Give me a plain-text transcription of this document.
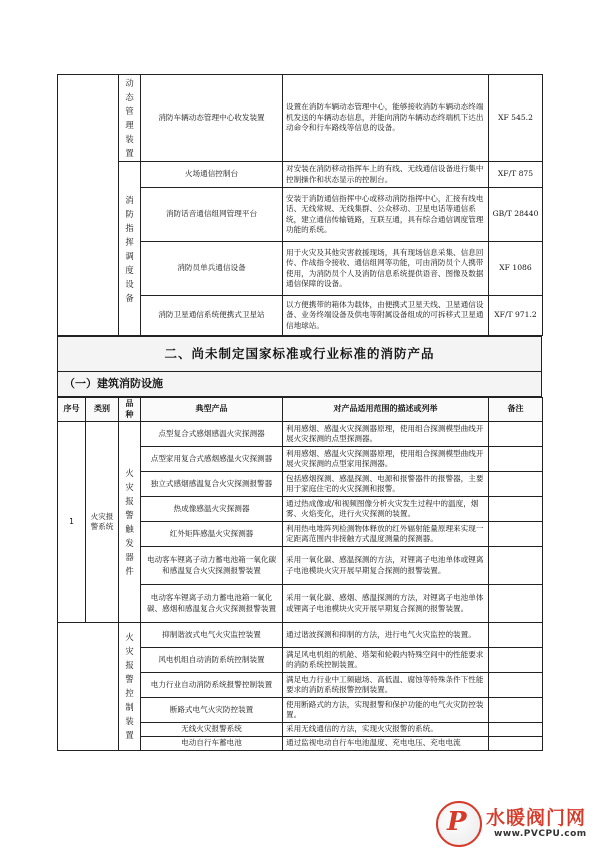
	动态管理装置	消防车辆动态管理中心收发装置	设置在消防车辆动态管理中心，能够接收消防车辆动态终端机发送的车辆动态信息，并能向消防车辆动态终端机下达出动命令和行车路线等信息的设备。	XF 545.2
	消防指挥调度设备	火场通信控制台	对安装在消防移动指挥车上的有线、无线通信设备进行集中控制操作和状态显示的控制台。	XF/T 875
		消防话音通信组网管理平台	安装于消防通信指挥中心或移动消防指挥中心，汇接有线电话、无线常规、无线集群、公众移动、卫星电话等通信系统，建立通信传输链路，互联互通，具有综合通信调度管理功能的系统。	GB/T 28440
		消防员单兵通信设备	用于火灾及其他灾害救援现场，具有现场信息采集、信息回传、作战指令接收、通信组网等功能，可由消防员个人携带使用，为消防员个人及消防信息系统提供语音、图像及数据通信保障的设备。	XF 1086
		消防卫星通信系统便携式卫星站	以方便携带的箱体为载体，由便携式卫星天线、卫星通信设备、业务终端设备及供电等附属设备组成的可拆移式卫星通信地球站。	XF/T 971.2
二、尚未制定国家标准或行业标准的消防产品
（一）建筑消防设施
序号	类别	品种	典型产品	对产品适用范围的描述或列举	备注
1	火灾报警系统	火灾报警触发器件	点型复合式感烟感温火灾探测器	利用感烟、感温火灾探测器原理，使用组合探测模型曲线开展火灾探测的点型探测器。	
			点型家用复合式感烟感温火灾探测器	利用感烟、感温火灾探测器原理，使用组合探测模型曲线开展火灾探测的点型家用探测器。	
			独立式感烟感温复合火灾探测报警器	包括感烟探测、感温探测、电源和报警器件的报警器，主要用于家庭住宅的火灾探测和报警。	
			热成像感温火灾探测器	通过热成像或/和视频图像分析火灾发生过程中的温度，烟雾、火焰变化，进行火灾探测的装置。	
			红外矩阵感温火灾探测器	利用热电堆阵列检测物体释放的红外辐射能量原理来实现一定距离范围内非接触方式温度测量的探测器。	
			电动客车锂离子动力蓄电池箱一氧化碳和感温复合火灾探测报警装置	采用一氧化碳、感温探测的方法，对锂离子电池单体或锂离子电池模块火灾开展早期复合探测的报警装置。	
			电动客车锂离子动力蓄电池箱一氧化碳、感烟和感温复合火灾探测报警装置	采用一氧化碳、感烟、感温探测的方法，对锂离子电池单体或锂离子电池模块火灾开展早期复合探测的报警装置。	
		火灾报警控制装置	抑制谐波式电气火灾监控装置	通过谐波探测和抑制的方法，进行电气火灾监控的装置。	
			风电机组自动消防系统控制装置	满足风电机组的机舱、塔架和轮毂内特殊空间中的性能要求的消防系统控制装置。	
			电力行业自动消防系统报警控制装置	满足电力行业中工频磁场、高低温、腐蚀等特殊条件下性能要求的消防系统报警控制装置。	
			断路式电气火灾防控装置	使用断路式的方法，实现报警和保护功能的电气火灾防控装置。	
			无线火灾报警系统	采用无线通信的方法，实现火灾报警的系统。	
			电动自行车蓄电池	通过监视电动自行车电池温度、充电电压、充电电流	
P 水暖阀门网
www.PVCPU.com
